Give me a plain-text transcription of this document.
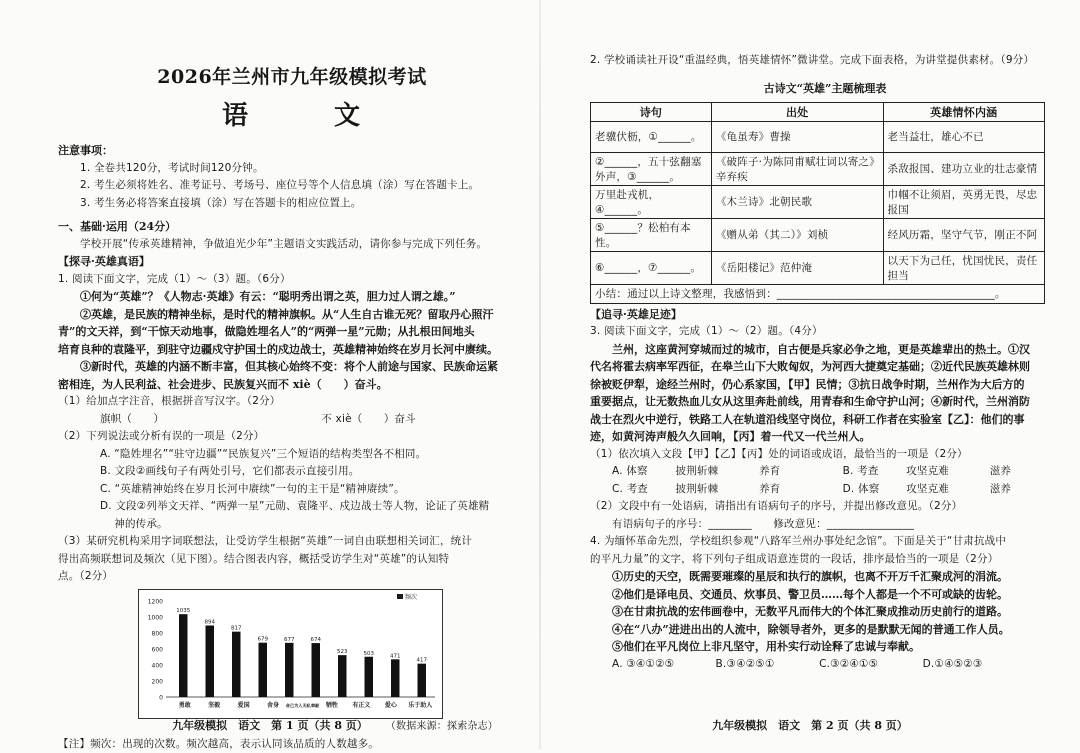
2026年兰州市九年级模拟考试
语　文

注意事项：

1. 全卷共120分，考试时间120分钟。

2. 考生必须将姓名、准考证号、考场号、座位号等个人信息填（涂）写在答题卡上。

3. 考生务必将答案直接填（涂）写在答题卡的相应位置上。

一、基础·运用（24分）

学校开展“传承英雄精神，争做追光少年”主题语文实践活动，请你参与完成下列任务。

【探寻·英雄真语】

1. 阅读下面文字，完成（1）～（3）题。（6分）

①何为“英雄”？《人物志·英雄》有云：“聪明秀出谓之英，胆力过人谓之雄。”

②英雄，是民族的精神坐标，是时代的精神旗帜。从“人生自古谁无死？留取丹心照汗

青”的文天祥，到“干惊天动地事，做隐姓埋名人”的“两弹一星”元勋；从扎根田间地头

培育良种的袁隆平，到驻守边疆戍守护国土的戍边战士，英雄精神始终在岁月长河中赓续。

③新时代，英雄的内涵不断丰富，但其核心始终不变：将个人前途与国家、民族命运紧

密相连，为人民利益、社会进步、民族复兴而不 xiè（　　）奋斗。

（1）给加点字注音，根据拼音写汉字。（2分）

旗帜（　　）	不 xiè（　　）奋斗

（2）下列说法或分析有误的一项是（2分）

A. “隐姓埋名”“驻守边疆”“民族复兴”三个短语的结构类型各不相同。

B. 文段②画线句子有两处引号，它们都表示直接引用。

C. “英雄精神始终在岁月长河中赓续”一句的主干是“精神赓续”。

D. 文段②列举文天祥、“两弹一星”元勋、袁隆平、戍边战士等人物，论证了英雄精

　 神的传承。

（3）某研究机构采用字词联想法，让受访学生根据“英雄”一词自由联想相关词汇，统计

得出高频联想词及频次（见下图）。结合图表内容，概括受访学生对“英雄”的认知特

点。（2分）

1200
1000
800
600
400
200
0
频次
1035
894
817
679	677	674
523	503	471
417
勇敢	坚毅	爱国	舍身 舍己为人无私奉献 牺牲 有正义 爱心 乐于助人
（数据来源：探索杂志）

【注】频次：出现的次数。频次越高，表示认同该品质的人数越多。

九年级模拟　语文　第 1 页（共 8 页）

2. 学校诵读社开设“重温经典，悟英雄情怀”微讲堂。完成下面表格，为讲堂提供素材。（9分）

古诗文“英雄”主题梳理表
诗句	出处	英雄情怀内涵
老骥伏枥，①______。	《龟虽寿》曹操	老当益壮，雄心不已
②______，五十弦翻塞外声，③______。	《破阵子·为陈同甫赋壮词以寄之》辛弃疾	杀敌报国、建功立业的壮志豪情
万里赴戎机，④______。	《木兰诗》北朝民歌	巾帼不让须眉，英勇无畏，尽忠报国
⑤______？松柏有本性。	《赠从弟（其二）》刘桢	经风历霜，坚守气节，刚正不阿
⑥______，⑦______。	《岳阳楼记》范仲淹	以天下为己任，忧国忧民，责任担当
小结：通过以上诗文整理，我感悟到：________________________________________。		

【追寻·英雄足迹】

3. 阅读下面文字，完成（1）～（2）题。（4分）

兰州，这座黄河穿城而过的城市，自古便是兵家必争之地，更是英雄辈出的热土。①汉

代名将霍去病率军西征，在皋兰山下大败匈奴，为河西大捷奠定基础；②近代民族英雄林则

徐被贬伊犁，途经兰州时，仍心系家国，【甲】民情；③抗日战争时期，兰州作为大后方的

重要据点，让无数热血儿女从这里奔赴前线，用青春和生命守护山河；④新时代，兰州消防

战士在烈火中逆行，铁路工人在轨道沿线坚守岗位，科研工作者在实验室【乙】：他们的事

迹，如黄河涛声般久久回响，【丙】着一代又一代兰州人。

（1）依次填入文段【甲】【乙】【丙】处的词语或成语，最恰当的一项是（2分）

A. 体察	披荆斩棘	养育	B. 考查	攻坚克难	滋养

C. 考查	披荆斩棘	养育	D. 体察	攻坚克难	滋养

（2）文段中有一处语病，请指出有语病句子的序号，并提出修改意见。（2分）

有语病句子的序号：________　　修改意见：________________

4. 为缅怀革命先烈，学校组织参观“八路军兰州办事处纪念馆”。下面是关于“甘肃抗战中

的平凡力量”的文字，将下列句子组成语意连贯的一段话，排序最恰当的一项是（2分）

①历史的天空，既需要璀璨的星辰和执行的旗帜，也离不开万千汇聚成河的涓流。

②他们是译电员、交通员、炊事员、警卫员……每个人都是一个不可或缺的齿轮。

③在甘肃抗战的宏伟画卷中，无数平凡而伟大的个体汇聚成推动历史前行的道路。

④在“八办”进进出出的人流中，除领导者外，更多的是默默无闻的普通工作人员。

⑤他们在平凡岗位上非凡坚守，用朴实行动诠释了忠诚与奉献。

A. ③④①②⑤	B.③④②⑤①	C.③②④①⑤	D.①④⑤②③

九年级模拟　语文　第 2 页（共 8 页）
